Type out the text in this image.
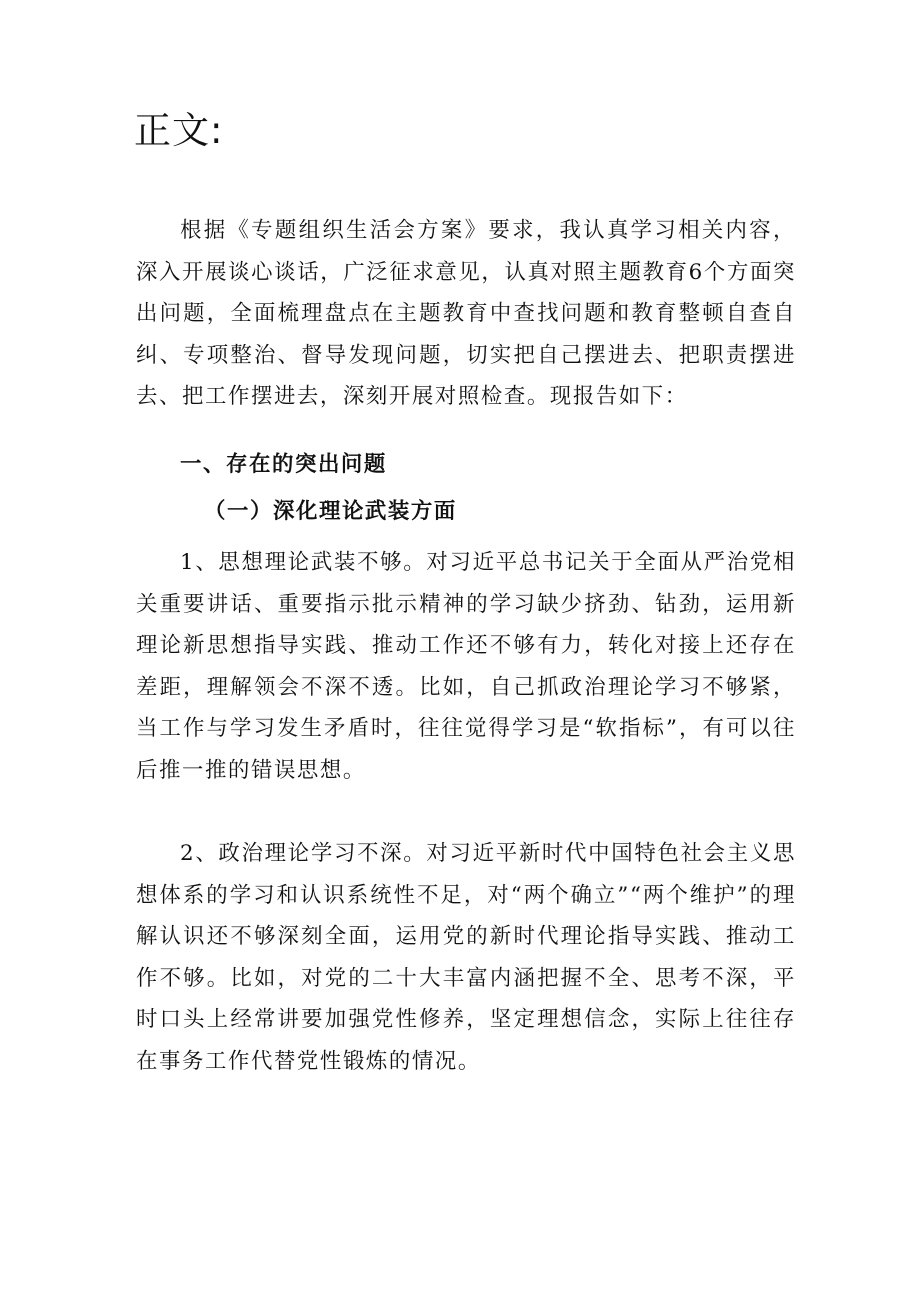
正文:

根据《专题组织生活会方案》要求，我认真学习相关内容，深入开展谈心谈话，广泛征求意见，认真对照主题教育6个方面突出问题，全面梳理盘点在主题教育中查找问题和教育整顿自查自纠、专项整治、督导发现问题，切实把自己摆进去、把职责摆进去、把工作摆进去，深刻开展对照检查。现报告如下：

一、存在的突出问题
（一）深化理论武装方面

1、思想理论武装不够。对习近平总书记关于全面从严治党相关重要讲话、重要指示批示精神的学习缺少挤劲、钻劲，运用新理论新思想指导实践、推动工作还不够有力，转化对接上还存在差距，理解领会不深不透。比如，自己抓政治理论学习不够紧，当工作与学习发生矛盾时，往往觉得学习是“软指标”，有可以往后推一推的错误思想。

2、政治理论学习不深。对习近平新时代中国特色社会主义思想体系的学习和认识系统性不足，对“两个确立”“两个维护”的理解认识还不够深刻全面，运用党的新时代理论指导实践、推动工作不够。比如，对党的二十大丰富内涵把握不全、思考不深，平时口头上经常讲要加强党性修养，坚定理想信念，实际上往往存在事务工作代替党性锻炼的情况。
